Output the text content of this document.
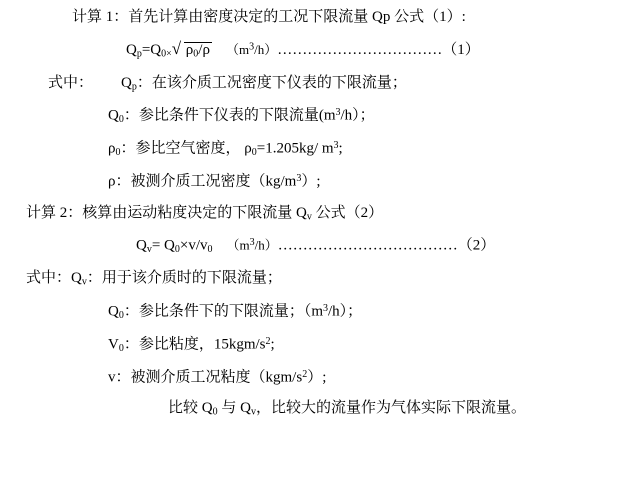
计算 1：首先计算由密度决定的工况下限流量 Qp 公式（1）:
$Q_p=Q_{0\times}$ √ $\rho_0/\rho$ $(m^3/h)\dots\dots\dots\dots\dots\dots\dots\dots\dots\dots\dots(1)$
式中： $Q_p$：在该介质工况密度下仪表的下限流量；
$Q_0$：参比条件下仪表的下限流量$(m^3/h)$；
$\rho_0$：参比空气密度， $\rho_0=1.205kg/$ $m^3$;
ρ：被测介质工况密度$(kg/m^3)$;
计算 2：核算由运动粘度决定的下限流量 $Q_v$ 公式（2）
$Q_v= Q_0\times v/v_0$ $(m^3/h)\dots\dots\dots\dots\dots\dots\dots\dots\dots\dots\dots\dots(2)$
式中：$Q_v$：用于该介质时的下限流量；
$Q_0$：参比条件下的下限流量；$(m^3/h)$；
$V_0$：参比粘度，$15kgm/s^2$;
v：被测介质工况粘度$(kgm/s^2)$;
比较 $Q_0$ 与 $Q_v$，比较大的流量作为气体实际下限流量。
